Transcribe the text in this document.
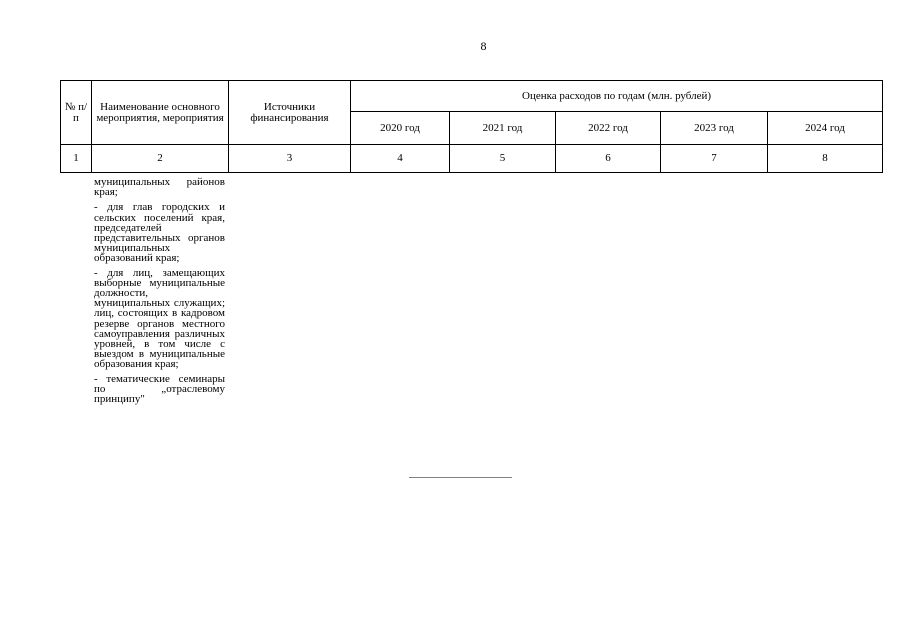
8
№ п/п	Наименование основного мероприятия, мероприятия	Источники финансирования	Оценка расходов по годам (млн. рублей)				
			2020 год	2021 год	2022 год	2023 год	2024 год
1	2	3	4	5	6	7	8

муниципальных районов края;

- для глав городских и сельских поселений края, председателей представительных органов муниципальных образований края;

- для лиц, замещающих выборные муниципальные должности, муниципальных служащих; лиц, состоящих в кадровом резерве органов местного самоуправления различных уровней, в том числе с выездом в муниципальные образования края;

- тематические семинары по „отраслевому принципу"
